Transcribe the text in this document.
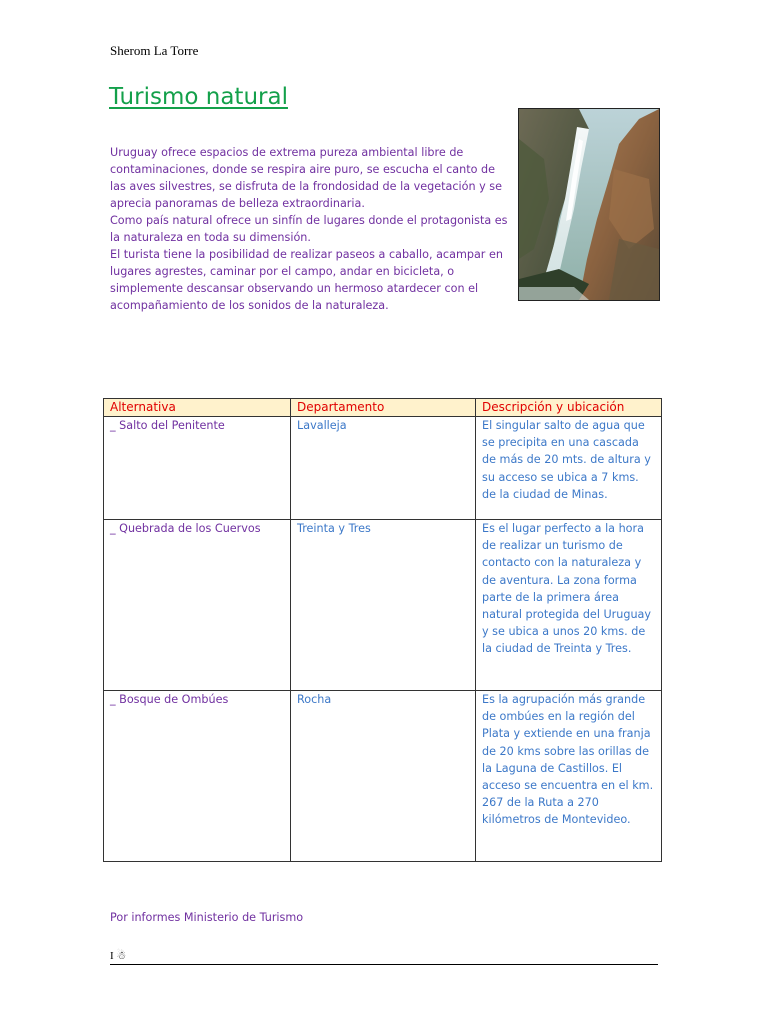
Sherom La Torre
Turismo natural

Uruguay ofrece espacios de extrema pureza ambiental libre de contaminaciones, donde se respira aire puro, se escucha el canto de las aves silvestres, se disfruta de la frondosidad de la vegetación y se aprecia panoramas de belleza extraordinaria.

Como país natural ofrece un sinfín de lugares donde el protagonista es la naturaleza en toda su dimensión.

El turista tiene la posibilidad de realizar paseos a caballo, acampar en lugares agrestes, caminar por el campo, andar en bicicleta, o simplemente descansar observando un hermoso atardecer con el acompañamiento de los sonidos de la naturaleza.

Alternativa	Departamento	Descripción y ubicación

_ Salto del Penitente	Lavalleja	El singular salto de agua que se precipita en una cascada de más de 20 mts. de altura y su acceso se ubica a 7 kms. de la ciudad de Minas.

_ Quebrada de los Cuervos	Treinta y Tres	Es el lugar perfecto a la hora de realizar un turismo de contacto con la naturaleza y de aventura. La zona forma parte de la primera área natural protegida del Uruguay y se ubica a unos 20 kms. de la ciudad de Treinta y Tres.

_ Bosque de Ombúes	Rocha	Es la agrupación más grande de ombúes en la región del Plata y extiende en una franja de 20 kms sobre las orillas de la Laguna de Castillos. El acceso se encuentra en el km. 267 de la Ruta a 270 kilómetros de Montevideo.
Por informes Ministerio de Turismo
I ☃
